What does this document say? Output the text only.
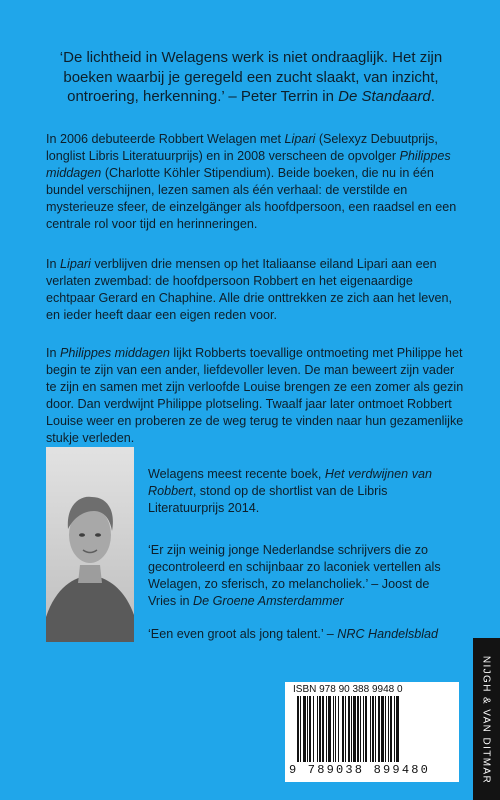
‘De lichtheid in Welagens werk is niet ondraaglijk. Het zijn boeken waarbij je geregeld een zucht slaakt, van inzicht, ontroering, herkenning.’ – Peter Terrin in De Standaard.

In 2006 debuteerde Robbert Welagen met Lipari (Selexyz Debuutprijs, longlist Libris Literatuurprijs) en in 2008 verscheen de opvolger Philippes middagen (Charlotte Köhler Stipendium). Beide boeken, die nu in één bundel verschijnen, lezen samen als één verhaal: de verstilde en mysterieuze sfeer, de einzelgänger als hoofdpersoon, een raadsel en een centrale rol voor tijd en herinneringen.

In Lipari verblijven drie mensen op het Italiaanse eiland Lipari aan een verlaten zwembad: de hoofdpersoon Robbert en het eigenaardige echtpaar Gerard en Chaphine. Alle drie onttrekken ze zich aan het leven, en ieder heeft daar een eigen reden voor.

In Philippes middagen lijkt Robberts toevallige ontmoeting met Philippe het begin te zijn van een ander, liefdevoller leven. De man beweert zijn vader te zijn en samen met zijn verloofde Louise brengen ze een zomer als gezin door. Dan verdwijnt Philippe plotseling. Twaalf jaar later ontmoet Robbert Louise weer en proberen ze de weg terug te vinden naar hun gezamenlijke stukje verleden.

Welagens meest recente boek, Het verdwijnen van Robbert, stond op de shortlist van de Libris Literatuurprijs 2014.

‘Er zijn weinig jonge Nederlandse schrijvers die zo gecontroleerd en schijnbaar zo laconiek vertellen als Welagen, zo sferisch, zo melancholiek.’ – Joost de Vries in De Groene Amsterdammer

‘Een even groot als jong talent.’ – NRC Handelsblad

ISBN 978 90 388 9948 0
9 789038 899480	NIJGH & VAN DITMAR
